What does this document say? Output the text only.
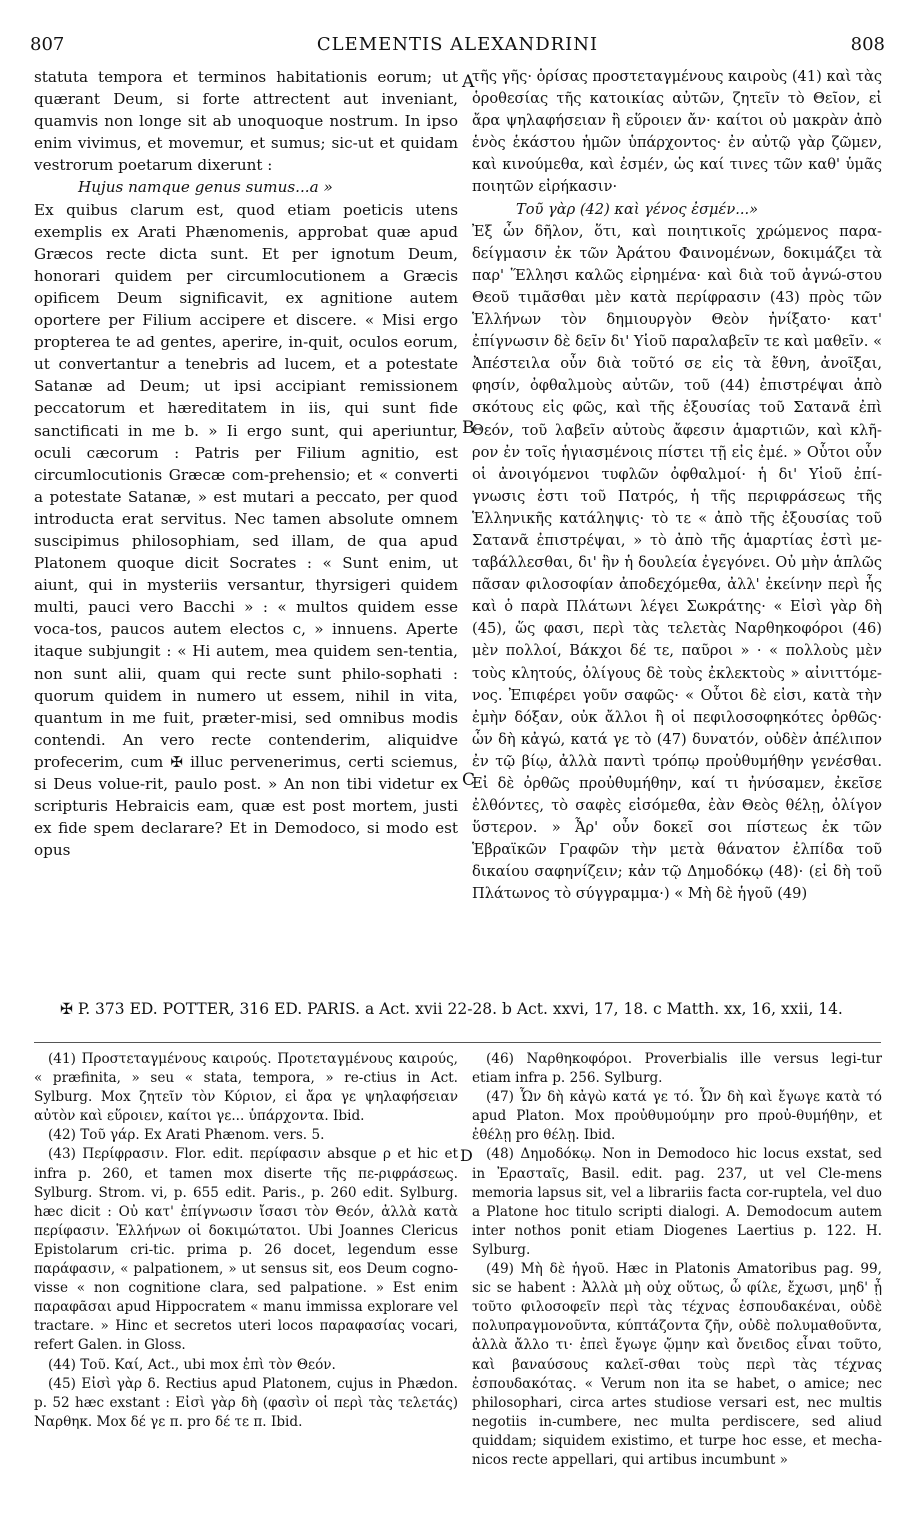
807	CLEMENTIS ALEXANDRINI	808

statuta tempora et terminos habitationis eorum; ut quærant Deum, si forte attrectent aut inveniant, quamvis non longe sit ab unoquoque nostrum. In ipso enim vivimus, et movemur, et sumus; sic-ut et quidam vestrorum poetarum dixerunt :

Hujus namque genus sumus...a »

Ex quibus clarum est, quod etiam poeticis utens exemplis ex Arati Phænomenis, approbat quæ apud Græcos recte dicta sunt. Et per ignotum Deum, honorari quidem per circumlocutionem a Græcis opificem Deum significavit, ex agnitione autem oportere per Filium accipere et discere. « Misi ergo propterea te ad gentes, aperire, in-quit, oculos eorum, ut convertantur a tenebris ad lucem, et a potestate Satanæ ad Deum; ut ipsi accipiant remissionem peccatorum et hæreditatem in iis, qui sunt fide sanctificati in me b. » Ii ergo sunt, qui aperiuntur, oculi cæcorum : Patris per Filium agnitio, est circumlocutionis Græcæ com-prehensio; et « converti a potestate Satanæ, » est mutari a peccato, per quod introducta erat servitus. Nec tamen absolute omnem suscipimus philosophiam, sed illam, de qua apud Platonem quoque dicit Socrates : « Sunt enim, ut aiunt, qui in mysteriis versantur, thyrsigeri quidem multi, pauci vero Bacchi » : « multos quidem esse voca-tos, paucos autem electos c, » innuens. Aperte itaque subjungit : « Hi autem, mea quidem sen-tentia, non sunt alii, quam qui recte sunt philo-sophati : quorum quidem in numero ut essem, nihil in vita, quantum in me fuit, præter-misi, sed omnibus modis contendi. An vero recte contenderim, aliquidve profecerim, cum ✠ illuc pervenerimus, certi sciemus, si Deus volue-rit, paulo post. » An non tibi videtur ex scripturis Hebraicis eam, quæ est post mortem, justi ex fide spem declarare? Et in Demodoco, si modo est opus

A
B
C

τῆς γῆς· ὁρίσας προστεταγμένους καιροὺς (41) καὶ τὰς ὁροθεσίας τῆς κατοικίας αὐτῶν, ζητεῖν τὸ Θεῖον, εἰ ἄρα ψηλαφήσειαν ἢ εὕροιεν ἄν· καίτοι οὐ μακρὰν ἀπὸ ἑνὸς ἑκάστου ἡμῶν ὑπάρχοντος· ἐν αὐτῷ γὰρ ζῶμεν, καὶ κινούμεθα, καὶ ἐσμέν, ὡς καί τινες τῶν καθ' ὑμᾶς ποιητῶν εἰρήκασιν·

Τοῦ γὰρ (42) καὶ γένος ἐσμέν...»

Ἐξ ὧν δῆλον, ὅτι, καὶ ποιητικοῖς χρώμενος παρα-δείγμασιν ἐκ τῶν Ἀράτου Φαινομένων, δοκιμάζει τὰ παρ' Ἕλλησι καλῶς εἰρημένα· καὶ διὰ τοῦ ἀγνώ-στου Θεοῦ τιμᾶσθαι μὲν κατὰ περίφρασιν (43) πρὸς τῶν Ἑλλήνων τὸν δημιουργὸν Θεὸν ἠνίξατο· κατ' ἐπίγνωσιν δὲ δεῖν δι' Υἱοῦ παραλαβεῖν τε καὶ μαθεῖν. « Ἀπέστειλα οὖν διὰ τοῦτό σε εἰς τὰ ἔθνη, ἀνοῖξαι, φησίν, ὀφθαλμοὺς αὐτῶν, τοῦ (44) ἐπιστρέψαι ἀπὸ σκότους εἰς φῶς, καὶ τῆς ἐξουσίας τοῦ Σατανᾶ ἐπὶ Θεόν, τοῦ λαβεῖν αὐτοὺς ἄφεσιν ἁμαρτιῶν, καὶ κλῆ-ρον ἐν τοῖς ἡγιασμένοις πίστει τῇ εἰς ἐμέ. » Οὗτοι οὖν οἱ ἀνοιγόμενοι τυφλῶν ὀφθαλμοί· ἡ δι' Υἱοῦ ἐπί-γνωσις ἐστι τοῦ Πατρός, ἡ τῆς περιφράσεως τῆς Ἑλληνικῆς κατάληψις· τὸ τε « ἀπὸ τῆς ἐξουσίας τοῦ Σατανᾶ ἐπιστρέψαι, » τὸ ἀπὸ τῆς ἁμαρτίας ἐστὶ με-ταβάλλεσθαι, δι' ἣν ἡ δουλεία ἐγεγόνει. Οὐ μὴν ἁπλῶς πᾶσαν φιλοσοφίαν ἀποδεχόμεθα, ἀλλ' ἐκείνην περὶ ἧς καὶ ὁ παρὰ Πλάτωνι λέγει Σωκράτης· « Εἰσὶ γὰρ δὴ (45), ὥς φασι, περὶ τὰς τελετὰς Ναρθηκοφόροι (46) μὲν πολλοί, Βάκχοι δέ τε, παῦροι » · « πολλοὺς μὲν τοὺς κλητούς, ὀλίγους δὲ τοὺς ἐκλεκτοὺς » αἰνιττόμε-νος. Ἐπιφέρει γοῦν σαφῶς· « Οὗτοι δὲ εἰσι, κατὰ τὴν ἐμὴν δόξαν, οὐκ ἄλλοι ἢ οἱ πεφιλοσοφηκότες ὀρθῶς· ὧν δὴ κἀγώ, κατά γε τὸ (47) δυνατόν, οὐδὲν ἀπέλιπον ἐν τῷ βίῳ, ἀλλὰ παντὶ τρόπῳ προὐθυμήθην γενέσθαι. Εἰ δὲ ὀρθῶς προὐθυμήθην, καί τι ἠνύσαμεν, ἐκεῖσε ἐλθόντες, τὸ σαφὲς εἰσόμεθα, ἐὰν Θεὸς θέλῃ, ὀλίγον ὕστερον. » Ἆρ' οὖν δοκεῖ σοι πίστεως ἐκ τῶν Ἑβραϊκῶν Γραφῶν τὴν μετὰ θάνατον ἐλπίδα τοῦ δικαίου σαφηνίζειν; κἀν τῷ Δημοδόκῳ (48)· (εἰ δὴ τοῦ Πλάτωνος τὸ σύγγραμμα·) « Μὴ δὲ ἡγοῦ (49)

✠ P. 373 ED. POTTER, 316 ED. PARIS. a Act. xvii 22-28. b Act. xxvi, 17, 18. c Matth. xx, 16, xxii, 14.

(41) Προστεταγμένους καιρούς. Προτεταγμένους καιρούς, « præfinita, » seu « stata, tempora, » re-ctius in Act. Sylburg. Mox ζητεῖν τὸν Κύριον, εἰ ἄρα γε ψηλαφήσειαν αὐτὸν καὶ εὕροιεν, καίτοι γε... ὑπάρχοντα. Ibid.

(42) Τοῦ γάρ. Ex Arati Phænom. vers. 5.

(43) Περίφρασιν. Flor. edit. περίφασιν absque ρ et hic et infra p. 260, et tamen mox diserte τῆς πε-ριφράσεως. Sylburg. Strom. vi, p. 655 edit. Paris., p. 260 edit. Sylburg. hæc dicit : Οὐ κατ' ἐπίγνωσιν ἴσασι τὸν Θεόν, ἀλλὰ κατὰ περίφασιν. Ἑλλήνων οἱ δοκιμώτατοι. Ubi Joannes Clericus Epistolarum cri-tic. prima p. 26 docet, legendum esse παράφασιν, « palpationem, » ut sensus sit, eos Deum cogno-visse « non cognitione clara, sed palpatione. » Est enim παραφᾶσαι apud Hippocratem « manu immissa explorare vel tractare. » Hinc et secretos uteri locos παραφασίας vocari, refert Galen. in Gloss.

(44) Τοῦ. Καί, Act., ubi mox ἐπὶ τὸν Θεόν.

(45) Εἰσὶ γὰρ δ. Rectius apud Platonem, cujus in Phædon. p. 52 hæc exstant : Εἰσὶ γὰρ δὴ (φασὶν οἱ περὶ τὰς τελετάς) Ναρθηκ. Mox δέ γε π. pro δέ τε π. Ibid.

D

(46) Ναρθηκοφόροι. Proverbialis ille versus legi-tur etiam infra p. 256. Sylburg.

(47) Ὧν δὴ κἀγὼ κατά γε τό. Ὧν δὴ καὶ ἔγωγε κατὰ τό apud Platon. Mox προὐθυμούμην pro προὐ-θυμήθην, et ἐθέλῃ pro θέλῃ. Ibid.

(48) Δημοδόκῳ. Non in Demodoco hic locus exstat, sed in Ἐρασταῖς, Basil. edit. pag. 237, ut vel Cle-mens memoria lapsus sit, vel a librariis facta cor-ruptela, vel duo a Platone hoc titulo scripti dialogi. A. Demodocum autem inter nothos ponit etiam Diogenes Laertius p. 122. H. Sylburg.

(49) Μὴ δὲ ἡγοῦ. Hæc in Platonis Amatoribus pag. 99, sic se habent : Ἀλλὰ μὴ οὐχ οὕτως, ὦ φίλε, ἔχωσι, μηδ' ᾖ τοῦτο φιλοσοφεῖν περὶ τὰς τέχνας ἐσπουδακέναι, οὐδὲ πολυπραγμονοῦντα, κύπτάζοντα ζῆν, οὐδὲ πολυμαθοῦντα, ἀλλὰ ἄλλο τι· ἐπεὶ ἔγωγε ᾤμην καὶ ὄνειδος εἶναι τοῦτο, καὶ βαναύσους καλεῖ-σθαι τοὺς περὶ τὰς τέχνας ἐσπουδακότας. « Verum non ita se habet, o amice; nec philosophari, circa artes studiose versari est, nec multis negotiis in-cumbere, nec multa perdiscere, sed aliud quiddam; siquidem existimo, et turpe hoc esse, et mecha-nicos recte appellari, qui artibus incumbunt »
